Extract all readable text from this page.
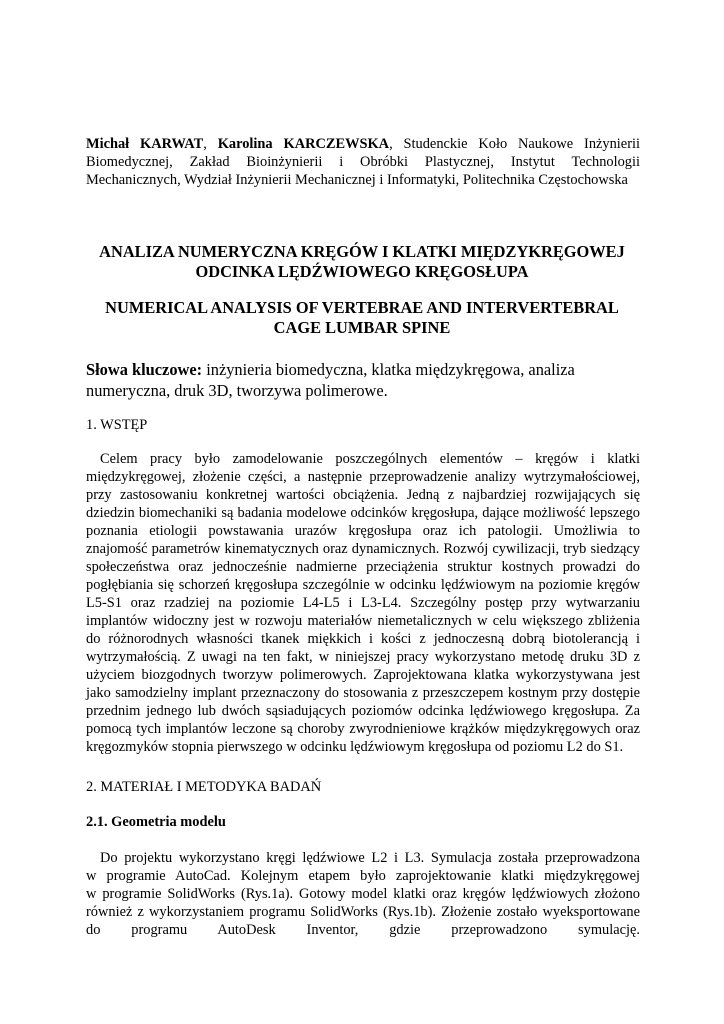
Michał KARWAT, Karolina KARCZEWSKA, Studenckie Koło Naukowe Inżynierii
Biomedycznej, Zakład Bioinżynierii i Obróbki Plastycznej, Instytut Technologii
Mechanicznych, Wydział Inżynierii Mechanicznej i Informatyki, Politechnika Częstochowska
ANALIZA NUMERYCZNA KRĘGÓW I KLATKI MIĘDZYKRĘGOWEJ
ODCINKA LĘDŹWIOWEGO KRĘGOSŁUPA
NUMERICAL ANALYSIS OF VERTEBRAE AND INTERVERTEBRAL
CAGE LUMBAR SPINE
Słowa kluczowe: inżynieria biomedyczna, klatka międzykręgowa, analiza
numeryczna, druk 3D, tworzywa polimerowe.
1. WSTĘP
Celem pracy było zamodelowanie poszczególnych elementów – kręgów i klatki
międzykręgowej, złożenie części, a następnie przeprowadzenie analizy wytrzymałościowej,
przy zastosowaniu konkretnej wartości obciążenia. Jedną z najbardziej rozwijających się
dziedzin biomechaniki są badania modelowe odcinków kręgosłupa, dające możliwość lepszego
poznania etiologii powstawania urazów kręgosłupa oraz ich patologii. Umożliwia to
znajomość parametrów kinematycznych oraz dynamicznych. Rozwój cywilizacji, tryb siedzący
społeczeństwa oraz jednocześnie nadmierne przeciążenia struktur kostnych prowadzi do
pogłębiania się schorzeń kręgosłupa szczególnie w odcinku lędźwiowym na poziomie kręgów
L5-S1 oraz rzadziej na poziomie L4-L5 i L3-L4. Szczególny postęp przy wytwarzaniu
implantów widoczny jest w rozwoju materiałów niemetalicznych w celu większego zbliżenia
do różnorodnych własności tkanek miękkich i kości z jednoczesną dobrą biotolerancją i
wytrzymałością. Z uwagi na ten fakt, w niniejszej pracy wykorzystano metodę druku 3D z
użyciem biozgodnych tworzyw polimerowych. Zaprojektowana klatka wykorzystywana jest
jako samodzielny implant przeznaczony do stosowania z przeszczepem kostnym przy dostępie
przednim jednego lub dwóch sąsiadujących poziomów odcinka lędźwiowego kręgosłupa. Za
pomocą tych implantów leczone są choroby zwyrodnieniowe krążków międzykręgowych oraz
kręgozmyków stopnia pierwszego w odcinku lędźwiowym kręgosłupa od poziomu L2 do S1.
2. MATERIAŁ I METODYKA BADAŃ
2.1. Geometria modelu
Do projektu wykorzystano kręgi lędźwiowe L2 i L3. Symulacja została przeprowadzona
w programie AutoCad. Kolejnym etapem było zaprojektowanie klatki międzykręgowej
w programie SolidWorks (Rys.1a). Gotowy model klatki oraz kręgów lędźwiowych złożono
również z wykorzystaniem programu SolidWorks (Rys.1b). Złożenie zostało wyeksportowane
do programu AutoDesk Inventor, gdzie przeprowadzono symulację.
